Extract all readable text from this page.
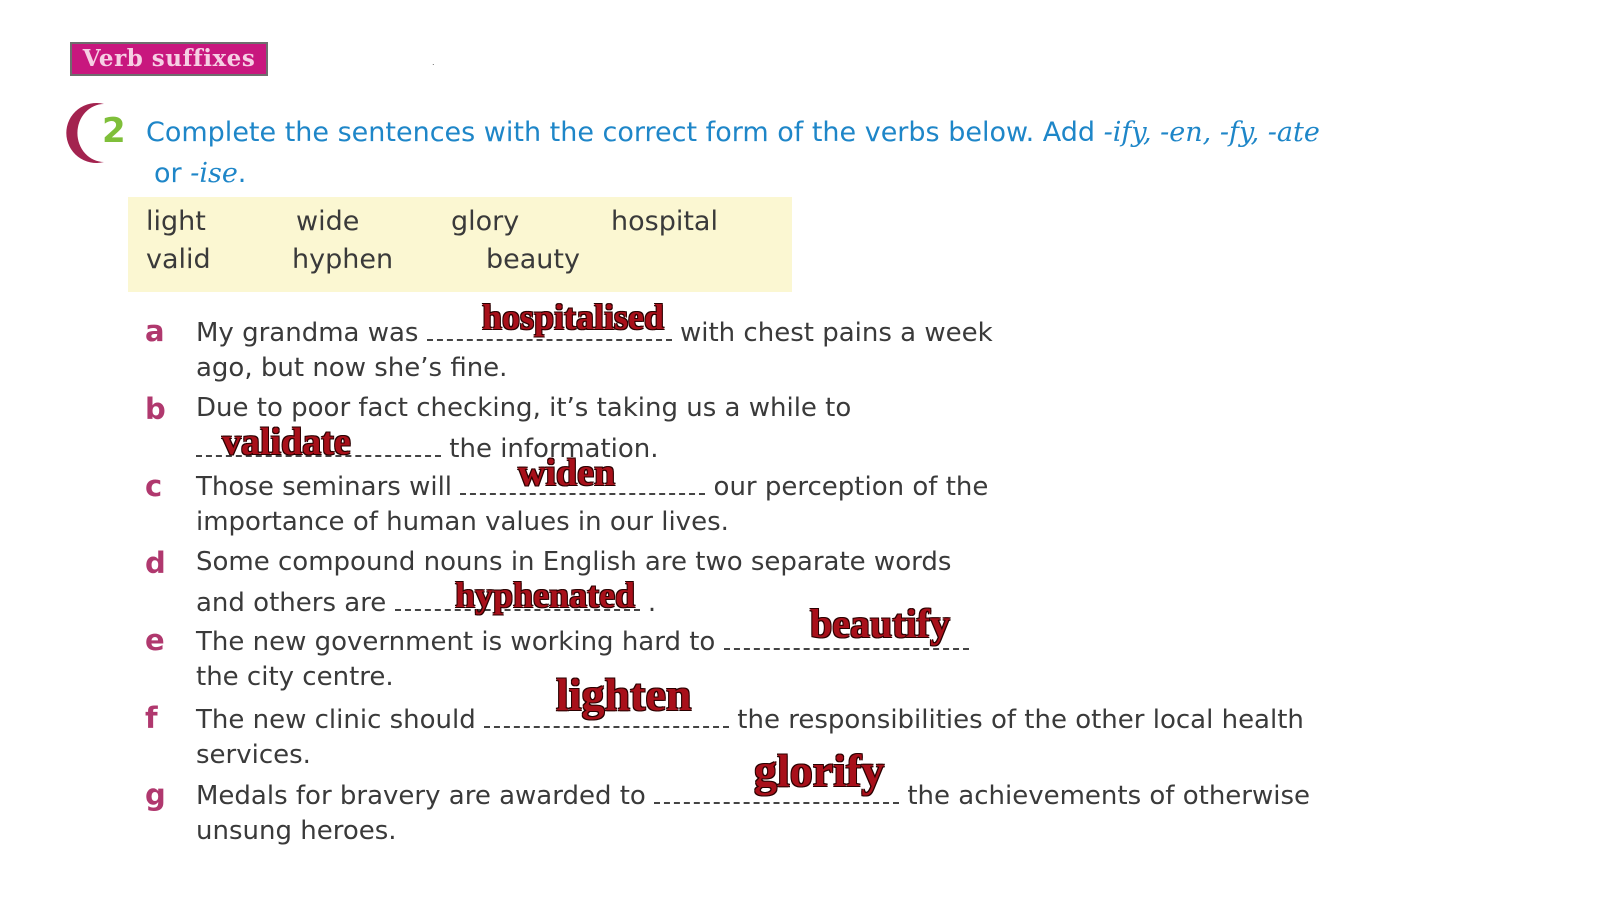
Verb suffixes	.
2 Complete the sentences with the correct form of the verbs below. Add -ify, -en, -fy, -ate
or -ise.
light	wide	glory	hospital
valid	hyphen	beauty
a My grandma was	with chest pains a week
ago, but now she’s fine.
hospitalised
b Due to poor fact checking, it’s taking us a while to
the information.
validate
c Those seminars will	our perception of the
importance of human values in our lives.
widen
d Some compound nouns in English are two separate words
and others are	.
hyphenated
e The new government is working hard to
the city centre.
beautify
f The new clinic should	the responsibilities of the other local health
services.
lighten
g Medals for bravery are awarded to	the achievements of otherwise
unsung heroes.
glorify
